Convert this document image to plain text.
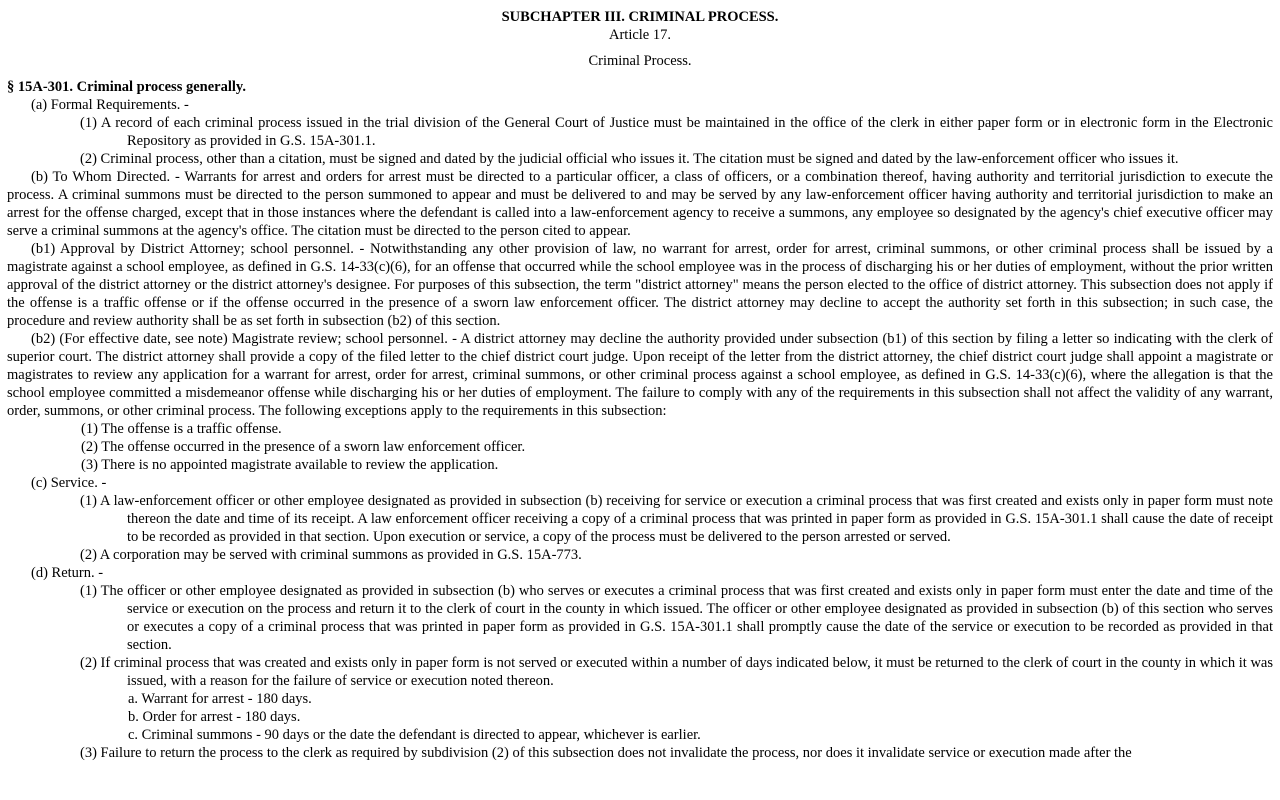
SUBCHAPTER III. CRIMINAL PROCESS.
Article 17.
Criminal Process.
§ 15A-301. Criminal process generally.
(a) Formal Requirements. -
(1) A record of each criminal process issued in the trial division of the General Court of Justice must be maintained in the office of the clerk in either paper form or in electronic form in the Electronic Repository as provided in G.S. 15A-301.1.
(2) Criminal process, other than a citation, must be signed and dated by the judicial official who issues it. The citation must be signed and dated by the law-enforcement officer who issues it.
(b) To Whom Directed. - Warrants for arrest and orders for arrest must be directed to a particular officer, a class of officers, or a combination thereof, having authority and territorial jurisdiction to execute the process. A criminal summons must be directed to the person summoned to appear and must be delivered to and may be served by any law-enforcement officer having authority and territorial jurisdiction to make an arrest for the offense charged, except that in those instances where the defendant is called into a law-enforcement agency to receive a summons, any employee so designated by the agency's chief executive officer may serve a criminal summons at the agency's office. The citation must be directed to the person cited to appear.
(b1) Approval by District Attorney; school personnel. - Notwithstanding any other provision of law, no warrant for arrest, order for arrest, criminal summons, or other criminal process shall be issued by a magistrate against a school employee, as defined in G.S. 14-33(c)(6), for an offense that occurred while the school employee was in the process of discharging his or her duties of employment, without the prior written approval of the district attorney or the district attorney's designee. For purposes of this subsection, the term "district attorney" means the person elected to the office of district attorney. This subsection does not apply if the offense is a traffic offense or if the offense occurred in the presence of a sworn law enforcement officer. The district attorney may decline to accept the authority set forth in this subsection; in such case, the procedure and review authority shall be as set forth in subsection (b2) of this section.
(b2) (For effective date, see note) Magistrate review; school personnel. - A district attorney may decline the authority provided under subsection (b1) of this section by filing a letter so indicating with the clerk of superior court. The district attorney shall provide a copy of the filed letter to the chief district court judge. Upon receipt of the letter from the district attorney, the chief district court judge shall appoint a magistrate or magistrates to review any application for a warrant for arrest, order for arrest, criminal summons, or other criminal process against a school employee, as defined in G.S. 14-33(c)(6), where the allegation is that the school employee committed a misdemeanor offense while discharging his or her duties of employment. The failure to comply with any of the requirements in this subsection shall not affect the validity of any warrant, order, summons, or other criminal process. The following exceptions apply to the requirements in this subsection:
(1) The offense is a traffic offense.
(2) The offense occurred in the presence of a sworn law enforcement officer.
(3) There is no appointed magistrate available to review the application.
(c) Service. -
(1) A law-enforcement officer or other employee designated as provided in subsection (b) receiving for service or execution a criminal process that was first created and exists only in paper form must note thereon the date and time of its receipt. A law enforcement officer receiving a copy of a criminal process that was printed in paper form as provided in G.S. 15A-301.1 shall cause the date of receipt to be recorded as provided in that section. Upon execution or service, a copy of the process must be delivered to the person arrested or served.
(2) A corporation may be served with criminal summons as provided in G.S. 15A-773.
(d) Return. -
(1) The officer or other employee designated as provided in subsection (b) who serves or executes a criminal process that was first created and exists only in paper form must enter the date and time of the service or execution on the process and return it to the clerk of court in the county in which issued. The officer or other employee designated as provided in subsection (b) of this section who serves or executes a copy of a criminal process that was printed in paper form as provided in G.S. 15A-301.1 shall promptly cause the date of the service or execution to be recorded as provided in that section.
(2) If criminal process that was created and exists only in paper form is not served or executed within a number of days indicated below, it must be returned to the clerk of court in the county in which it was issued, with a reason for the failure of service or execution noted thereon.
a. Warrant for arrest - 180 days.
b. Order for arrest - 180 days.
c. Criminal summons - 90 days or the date the defendant is directed to appear, whichever is earlier.
(3) Failure to return the process to the clerk as required by subdivision (2) of this subsection does not invalidate the process, nor does it invalidate service or execution made after the
